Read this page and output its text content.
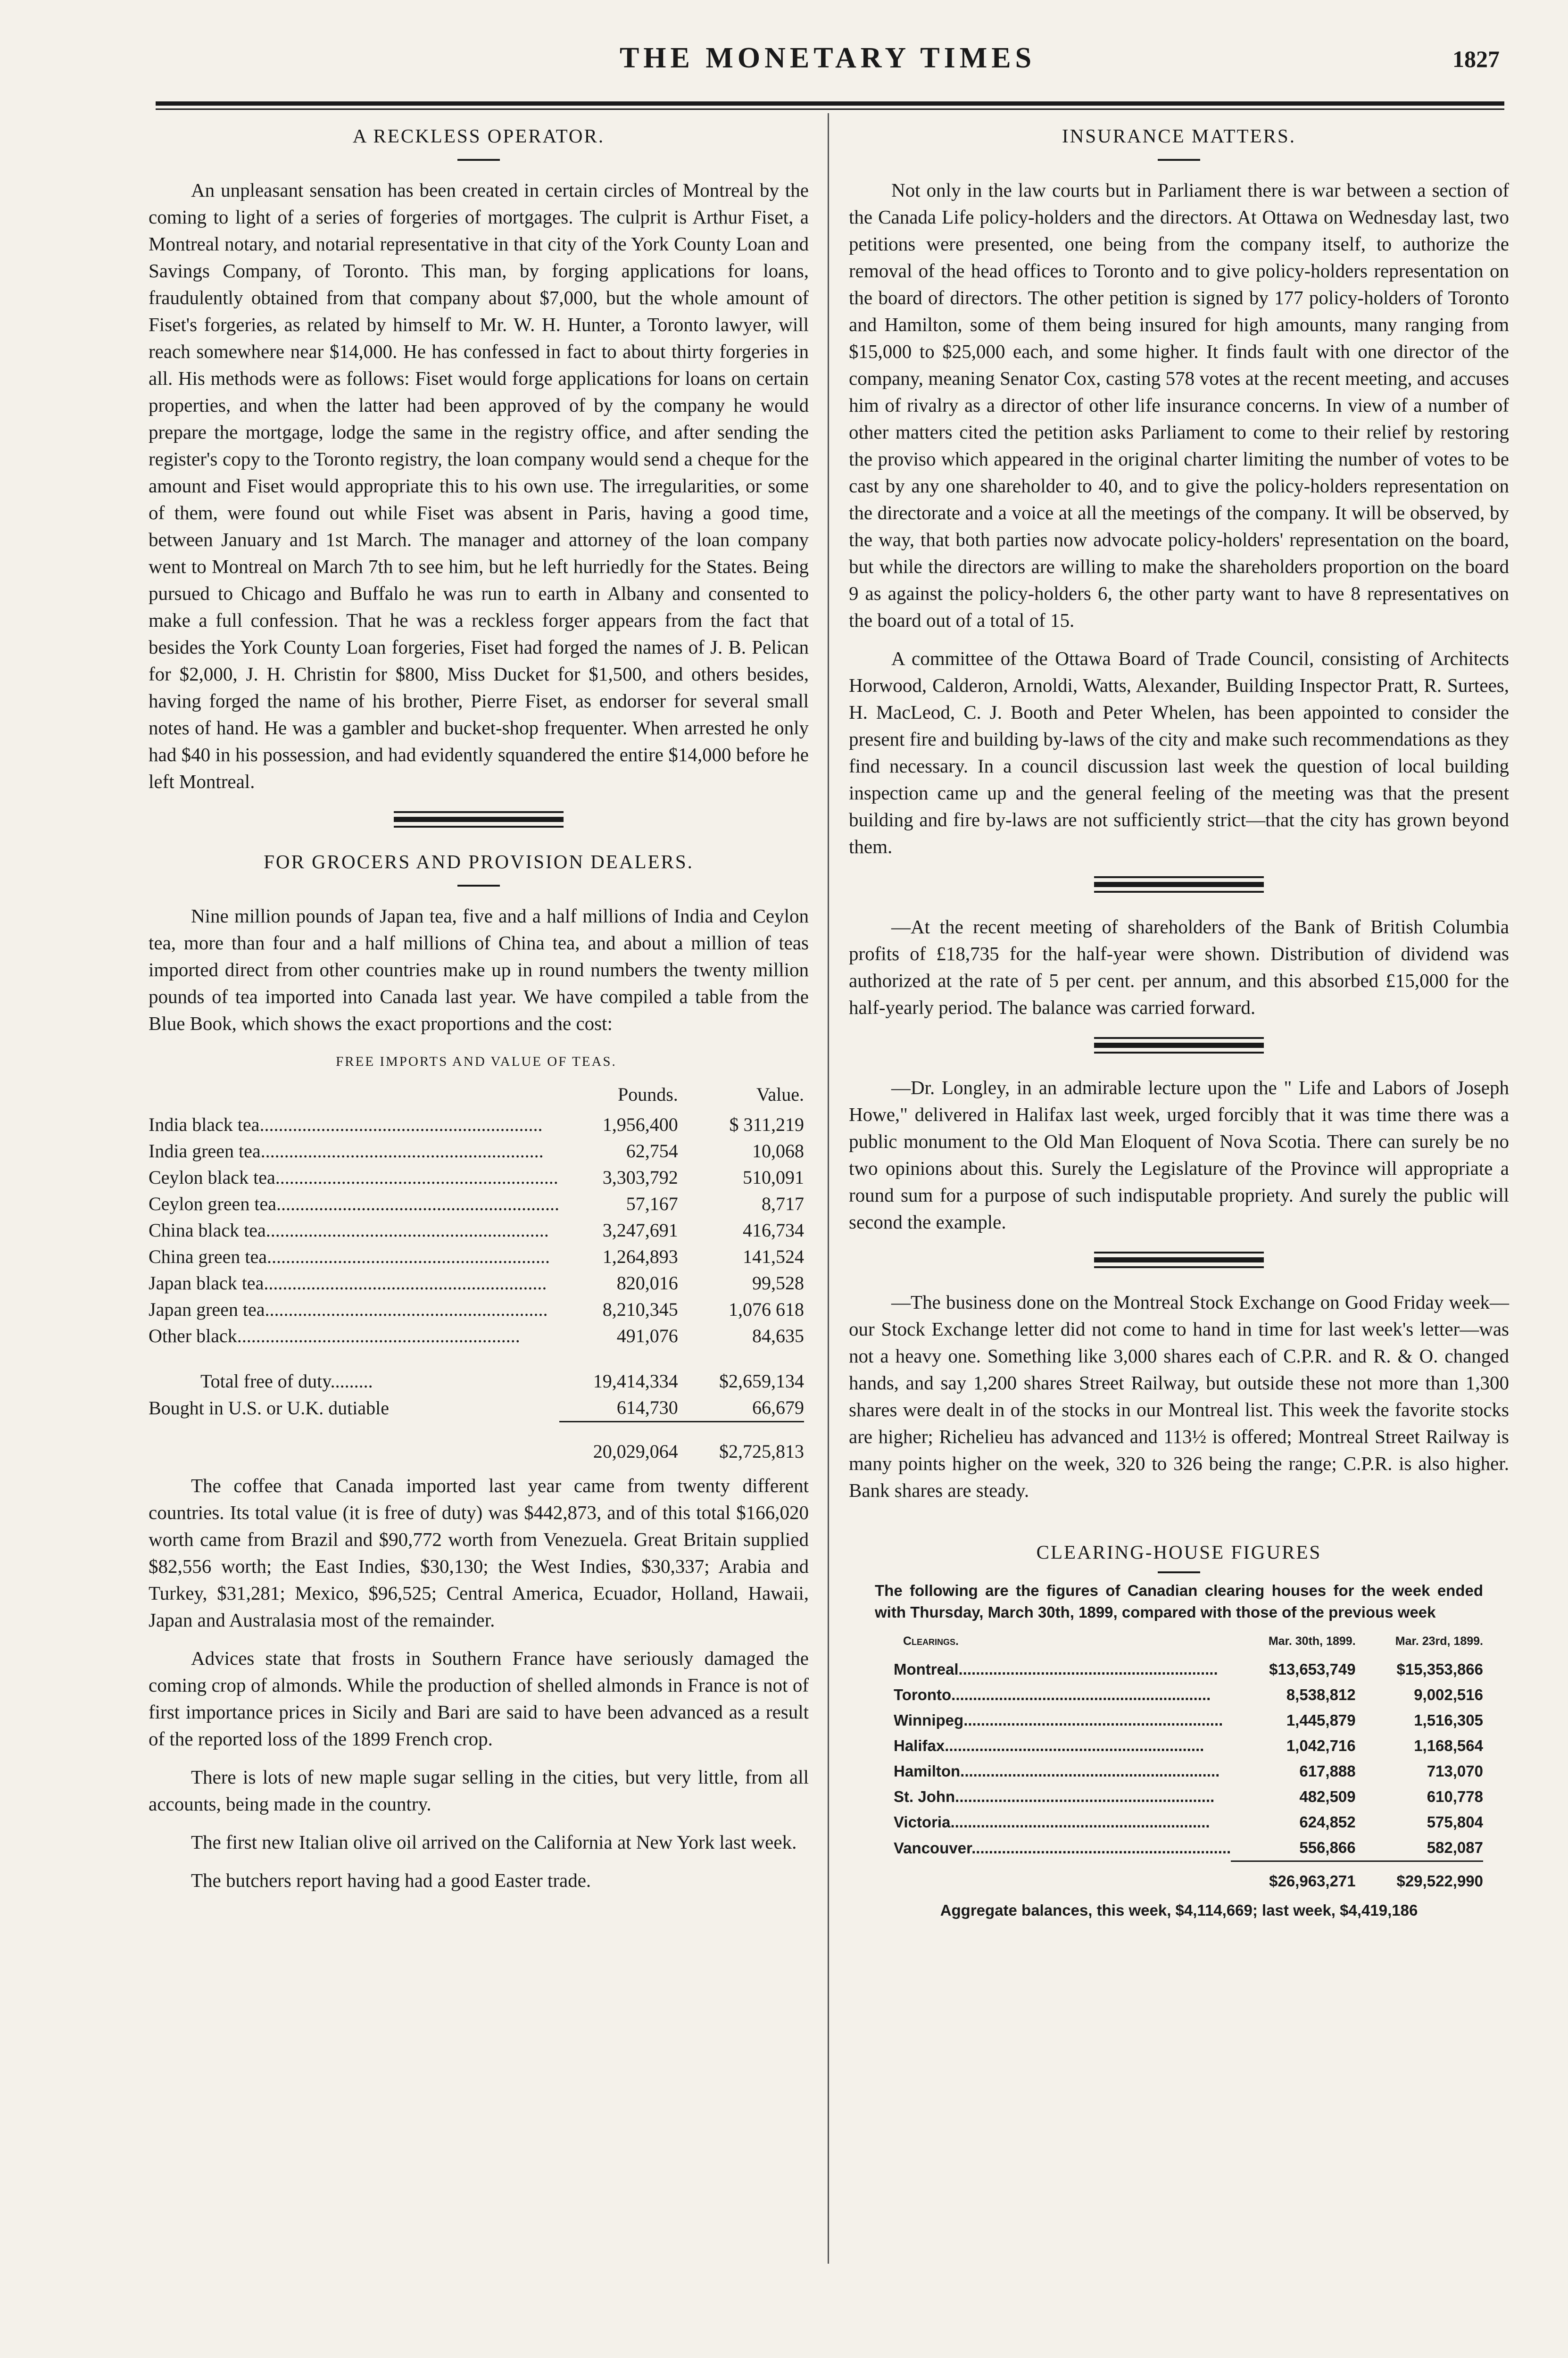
THE MONETARY TIMES	1827
A RECKLESS OPERATOR.

An unpleasant sensation has been created in certain circles of Montreal by the coming to light of a series of forgeries of mortgages. The culprit is Arthur Fiset, a Montreal notary, and notarial representative in that city of the York County Loan and Savings Company, of Toronto. This man, by forging applications for loans, fraudulently obtained from that company about $7,000, but the whole amount of Fiset's forgeries, as related by himself to Mr. W. H. Hunter, a Toronto lawyer, will reach somewhere near $14,000. He has confessed in fact to about thirty forgeries in all. His methods were as follows: Fiset would forge applications for loans on certain properties, and when the latter had been approved of by the company he would prepare the mortgage, lodge the same in the registry office, and after sending the register's copy to the Toronto registry, the loan company would send a cheque for the amount and Fiset would appropriate this to his own use. The irregularities, or some of them, were found out while Fiset was absent in Paris, having a good time, between January and 1st March. The manager and attorney of the loan company went to Montreal on March 7th to see him, but he left hurriedly for the States. Being pursued to Chicago and Buffalo he was run to earth in Albany and consented to make a full confession. That he was a reckless forger appears from the fact that besides the York County Loan forgeries, Fiset had forged the names of J. B. Pelican for $2,000, J. H. Christin for $800, Miss Ducket for $1,500, and others besides, having forged the name of his brother, Pierre Fiset, as endorser for several small notes of hand. He was a gambler and bucket-shop frequenter. When arrested he only had $40 in his possession, and had evidently squandered the entire $14,000 before he left Montreal.

FOR GROCERS AND PROVISION DEALERS.

Nine million pounds of Japan tea, five and a half millions of India and Ceylon tea, more than four and a half millions of China tea, and about a million of teas imported direct from other countries make up in round numbers the twenty million pounds of tea imported into Canada last year. We have compiled a table from the Blue Book, which shows the exact proportions and the cost:

FREE IMPORTS AND VALUE OF TEAS.
	Pounds.	Value.
India black tea............................................................	1,956,400	$ 311,219
India green tea............................................................	62,754	10,068
Ceylon black tea............................................................	3,303,792	510,091
Ceylon green tea............................................................	57,167	8,717
China black tea............................................................	3,247,691	416,734
China green tea............................................................	1,264,893	141,524
Japan black tea............................................................	820,016	99,528
Japan green tea............................................................	8,210,345	1,076 618
Other black............................................................	491,076	84,635

Total free of duty.........	19,414,334	$2,659,134
Bought in U.S. or U.K. dutiable	614,730	66,679
	20,029,064	$2,725,813

The coffee that Canada imported last year came from twenty different countries. Its total value (it is free of duty) was $442,873, and of this total $166,020 worth came from Brazil and $90,772 worth from Venezuela. Great Britain supplied $82,556 worth; the East Indies, $30,130; the West Indies, $30,337; Arabia and Turkey, $31,281; Mexico, $96,525; Central America, Ecuador, Holland, Hawaii, Japan and Australasia most of the remainder.

Advices state that frosts in Southern France have seriously damaged the coming crop of almonds. While the production of shelled almonds in France is not of first importance prices in Sicily and Bari are said to have been advanced as a result of the reported loss of the 1899 French crop.

There is lots of new maple sugar selling in the cities, but very little, from all accounts, being made in the country.

The first new Italian olive oil arrived on the California at New York last week.

The butchers report having had a good Easter trade.

INSURANCE MATTERS.

Not only in the law courts but in Parliament there is war between a section of the Canada Life policy-holders and the directors. At Ottawa on Wednesday last, two petitions were presented, one being from the company itself, to authorize the removal of the head offices to Toronto and to give policy-holders representation on the board of directors. The other petition is signed by 177 policy-holders of Toronto and Hamilton, some of them being insured for high amounts, many ranging from $15,000 to $25,000 each, and some higher. It finds fault with one director of the company, meaning Senator Cox, casting 578 votes at the recent meeting, and accuses him of rivalry as a director of other life insurance concerns. In view of a number of other matters cited the petition asks Parliament to come to their relief by restoring the proviso which appeared in the original charter limiting the number of votes to be cast by any one shareholder to 40, and to give the policy-holders representation on the directorate and a voice at all the meetings of the company. It will be observed, by the way, that both parties now advocate policy-holders' representation on the board, but while the directors are willing to make the shareholders proportion on the board 9 as against the policy-holders 6, the other party want to have 8 representatives on the board out of a total of 15.

A committee of the Ottawa Board of Trade Council, consisting of Architects Horwood, Calderon, Arnoldi, Watts, Alexander, Building Inspector Pratt, R. Surtees, H. MacLeod, C. J. Booth and Peter Whelen, has been appointed to consider the present fire and building by-laws of the city and make such recommendations as they find necessary. In a council discussion last week the question of local building inspection came up and the general feeling of the meeting was that the present building and fire by-laws are not sufficiently strict—that the city has grown beyond them.

—At the recent meeting of shareholders of the Bank of British Columbia profits of £18,735 for the half-year were shown. Distribution of dividend was authorized at the rate of 5 per cent. per annum, and this absorbed £15,000 for the half-yearly period. The balance was carried forward.

—Dr. Longley, in an admirable lecture upon the " Life and Labors of Joseph Howe," delivered in Halifax last week, urged forcibly that it was time there was a public monument to the Old Man Eloquent of Nova Scotia. There can surely be no two opinions about this. Surely the Legislature of the Province will appropriate a round sum for a purpose of such indisputable propriety. And surely the public will second the example.

—The business done on the Montreal Stock Exchange on Good Friday week—our Stock Exchange letter did not come to hand in time for last week's letter—was not a heavy one. Something like 3,000 shares each of C.P.R. and R. & O. changed hands, and say 1,200 shares Street Railway, but outside these not more than 1,300 shares were dealt in of the stocks in our Montreal list. This week the favorite stocks are higher; Richelieu has advanced and 113½ is offered; Montreal Street Railway is many points higher on the week, 320 to 326 being the range; C.P.R. is also higher. Bank shares are steady.

CLEARING-HOUSE FIGURES
The following are the figures of Canadian clearing houses for the week ended with Thursday, March 30th, 1899, compared with those of the previous week
Clearings.	Mar. 30th, 1899.	Mar. 23rd, 1899.
Montreal............................................................	$13,653,749	$15,353,866
Toronto............................................................	8,538,812	9,002,516
Winnipeg............................................................	1,445,879	1,516,305
Halifax............................................................	1,042,716	1,168,564
Hamilton............................................................	617,888	713,070
St. John............................................................	482,509	610,778
Victoria............................................................	624,852	575,804
Vancouver............................................................	556,866	582,087
	$26,963,271	$29,522,990
Aggregate balances, this week, $4,114,669; last week, $4,419,186
